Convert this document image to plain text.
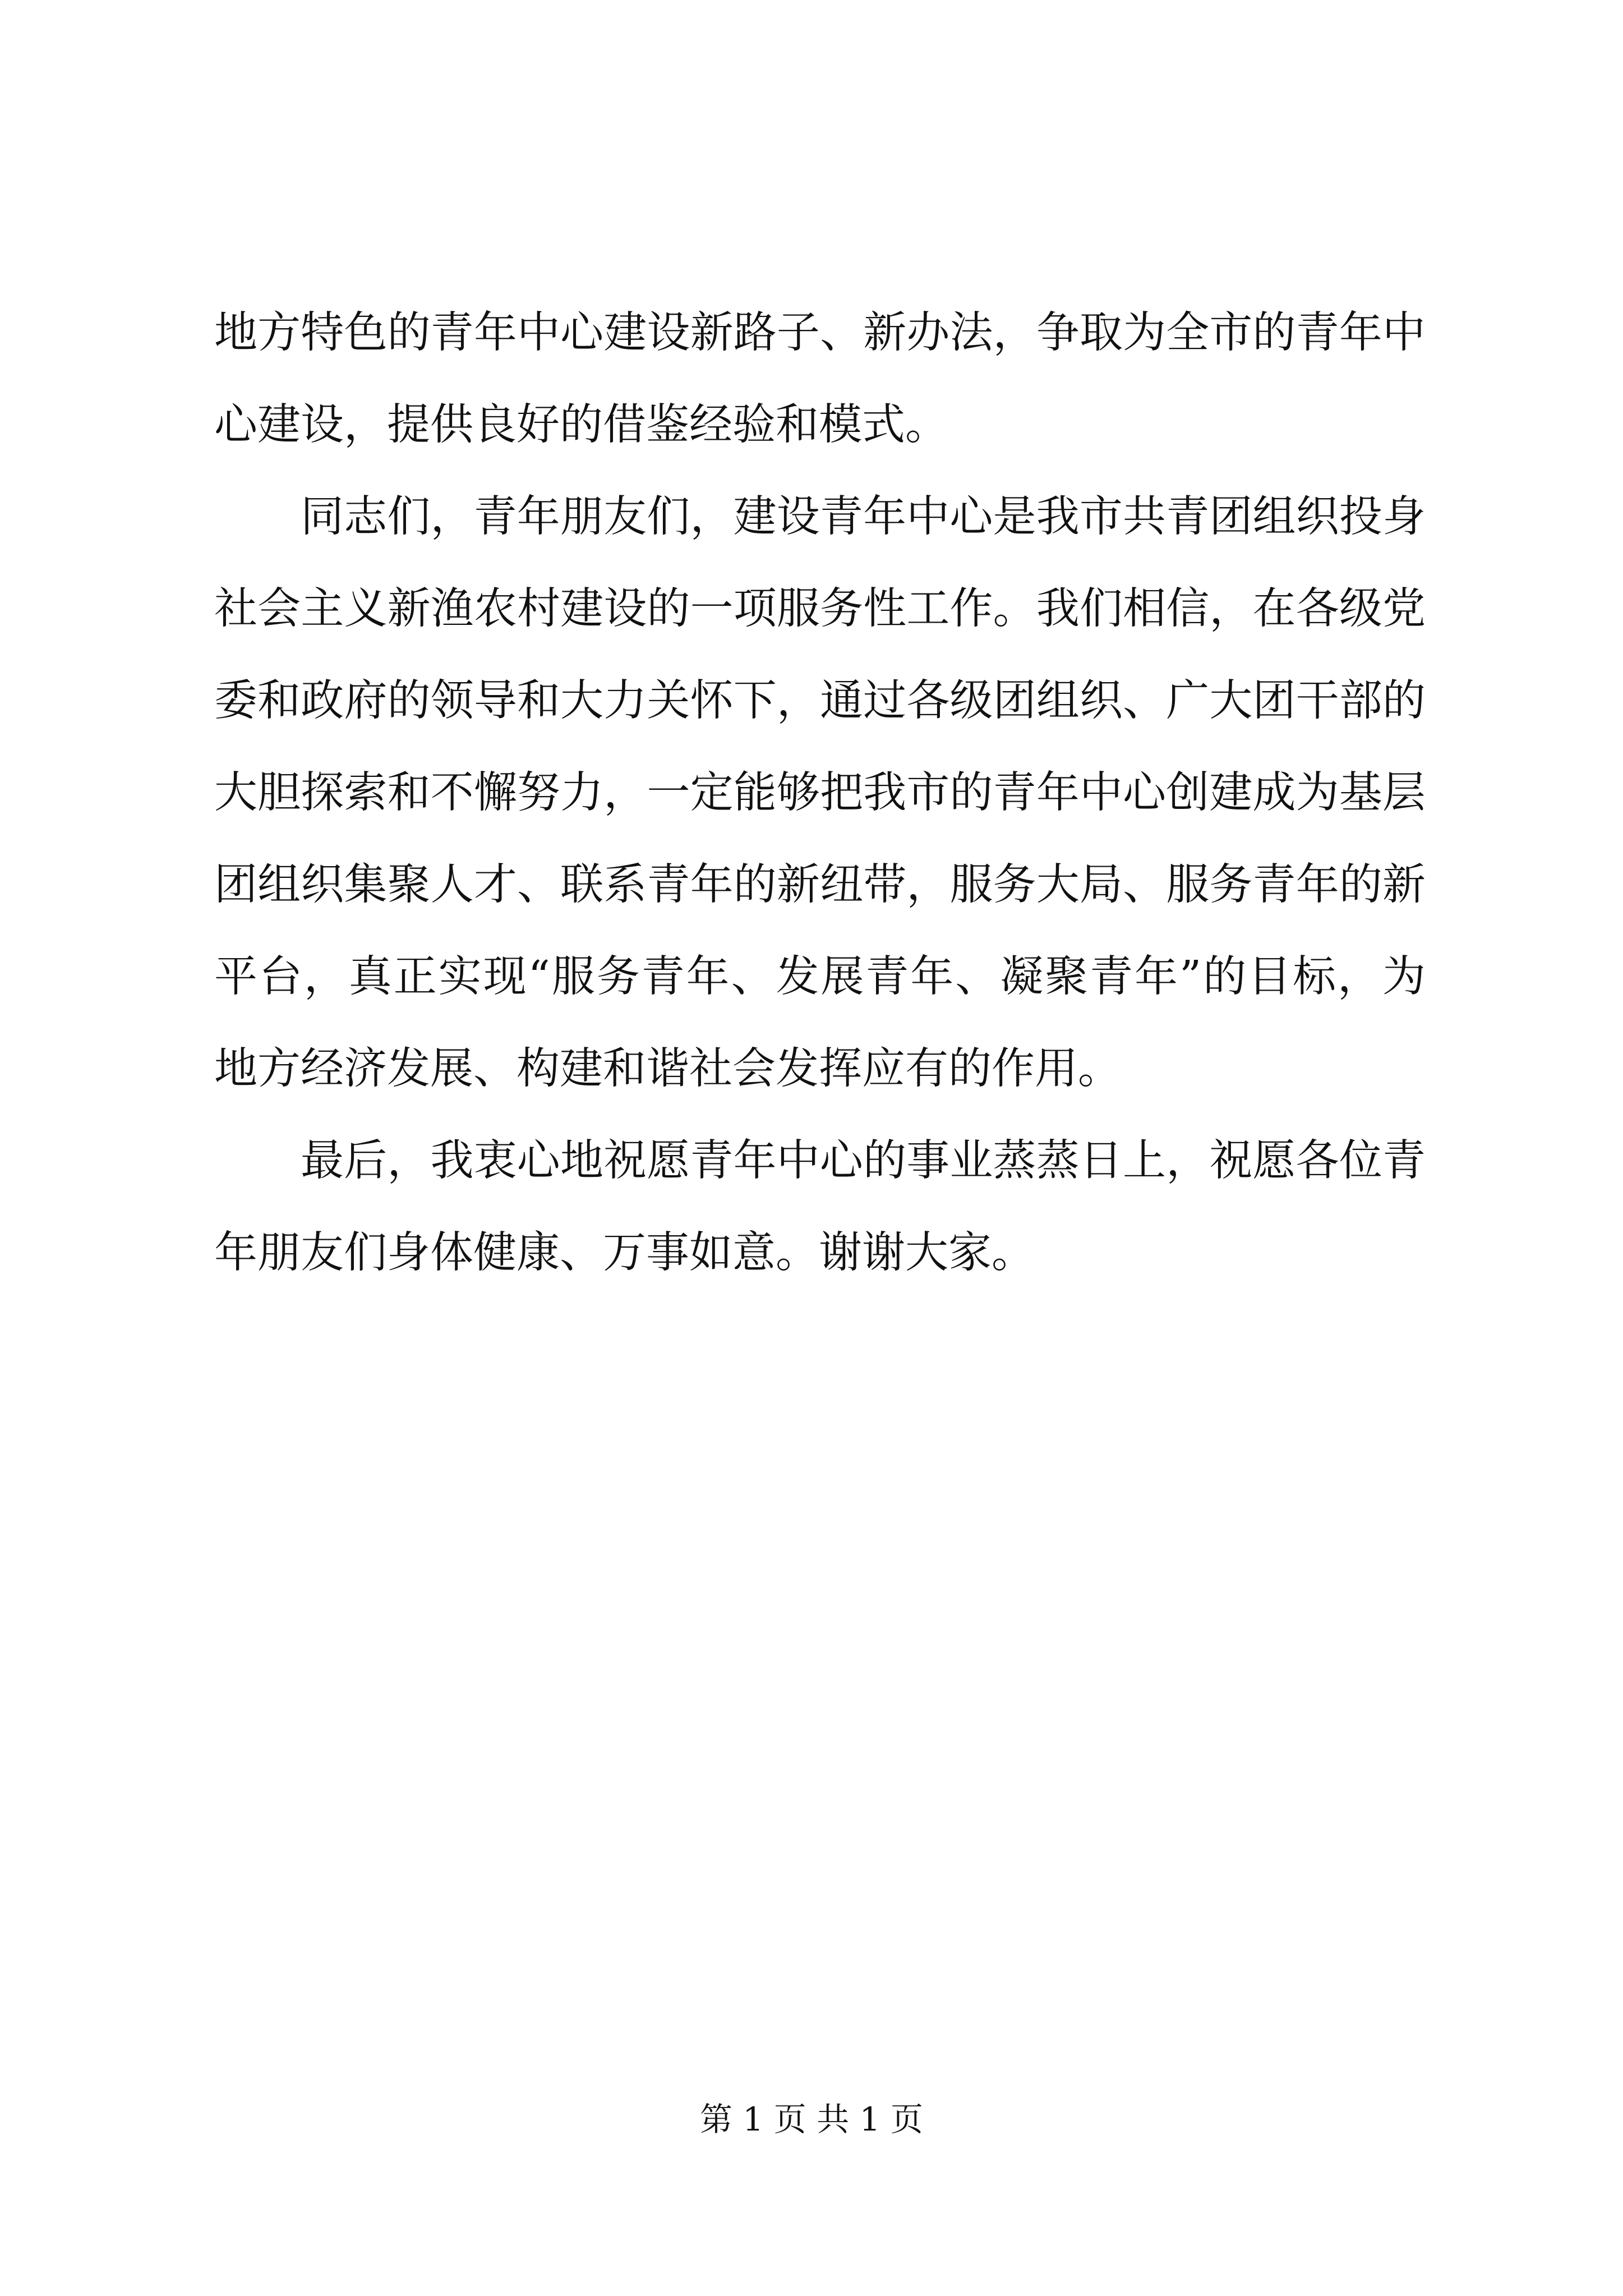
地方特色的青年中心建设新路子、新办法，争取为全市的青年中
心建设，提供良好的借鉴经验和模式。
同志们，青年朋友们，建设青年中心是我市共青团组织投身
社会主义新渔农村建设的一项服务性工作。我们相信，在各级党
委和政府的领导和大力关怀下，通过各级团组织、广大团干部的
大胆探索和不懈努力，一定能够把我市的青年中心创建成为基层
团组织集聚人才、联系青年的新纽带，服务大局、服务青年的新
平台，真正实现“服务青年、发展青年、凝聚青年”的目标，为
地方经济发展、构建和谐社会发挥应有的作用。
最后，我衷心地祝愿青年中心的事业蒸蒸日上，祝愿各位青
年朋友们身体健康、万事如意。谢谢大家。
第 1 页 共 1 页
